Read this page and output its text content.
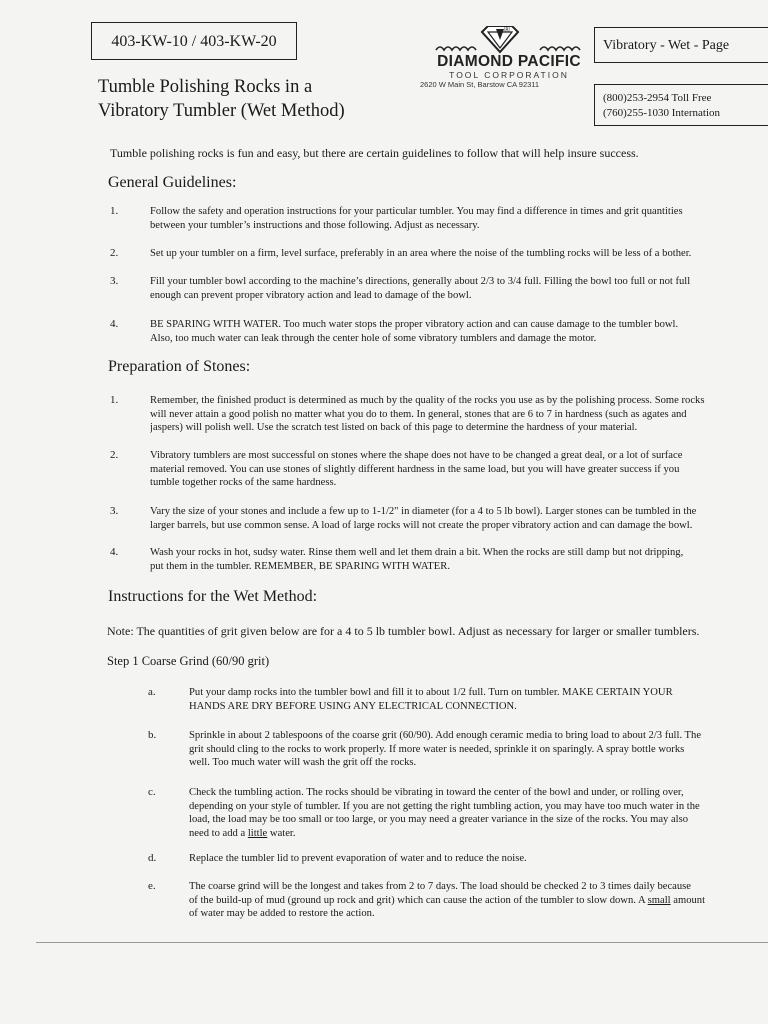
403-KW-10 / 403-KW-20
®
DIAMOND PACIFIC
TOOL CORPORATION
2620 W Main St, Barstow CA 92311
Vibratory - Wet - Page
(800)253-2954 Toll Free
(760)255-1030 Internation
Tumble Polishing Rocks in a
Vibratory Tumbler (Wet Method)
Tumble polishing rocks is fun and easy, but there are certain guidelines to follow that will help insure success.
General Guidelines:
1.	Follow the safety and operation instructions for your particular tumbler. You may find a difference in times and grit quantities
between your tumbler’s instructions and those following. Adjust as necessary.
2.	Set up your tumbler on a firm, level surface, preferably in an area where the noise of the tumbling rocks will be less of a bother.
3.	Fill your tumbler bowl according to the machine’s directions, generally about 2/3 to 3/4 full. Filling the bowl too full or not full
enough can prevent proper vibratory action and lead to damage of the bowl.
4.	BE SPARING WITH WATER. Too much water stops the proper vibratory action and can cause damage to the tumbler bowl.
Also, too much water can leak through the center hole of some vibratory tumblers and damage the motor.
Preparation of Stones:
1.	Remember, the finished product is determined as much by the quality of the rocks you use as by the polishing process. Some rocks
will never attain a good polish no matter what you do to them. In general, stones that are 6 to 7 in hardness (such as agates and
jaspers) will polish well. Use the scratch test listed on back of this page to determine the hardness of your material.
2.	Vibratory tumblers are most successful on stones where the shape does not have to be changed a great deal, or a lot of surface
material removed. You can use stones of slightly different hardness in the same load, but you will have greater success if you
tumble together rocks of the same hardness.
3.	Vary the size of your stones and include a few up to 1-1/2" in diameter (for a 4 to 5 lb bowl). Larger stones can be tumbled in the
larger barrels, but use common sense. A load of large rocks will not create the proper vibratory action and can damage the bowl.
4.	Wash your rocks in hot, sudsy water. Rinse them well and let them drain a bit. When the rocks are still damp but not dripping,
put them in the tumbler. REMEMBER, BE SPARING WITH WATER.
Instructions for the Wet Method:
Note: The quantities of grit given below are for a 4 to 5 lb tumbler bowl. Adjust as necessary for larger or smaller tumblers.
Step 1 Coarse Grind (60/90 grit)
a.	Put your damp rocks into the tumbler bowl and fill it to about 1/2 full. Turn on tumbler. MAKE CERTAIN YOUR
HANDS ARE DRY BEFORE USING ANY ELECTRICAL CONNECTION.
b.	Sprinkle in about 2 tablespoons of the coarse grit (60/90). Add enough ceramic media to bring load to about 2/3 full. The
grit should cling to the rocks to work properly. If more water is needed, sprinkle it on sparingly. A spray bottle works
well. Too much water will wash the grit off the rocks.
c.	Check the tumbling action. The rocks should be vibrating in toward the center of the bowl and under, or rolling over,
depending on your style of tumbler. If you are not getting the right tumbling action, you may have too much water in the
load, the load may be too small or too large, or you may need a greater variance in the size of the rocks. You may also
need to add a little water.
d.	Replace the tumbler lid to prevent evaporation of water and to reduce the noise.
e.	The coarse grind will be the longest and takes from 2 to 7 days. The load should be checked 2 to 3 times daily because
of the build-up of mud (ground up rock and grit) which can cause the action of the tumbler to slow down. A small amount
of water may be added to restore the action.
